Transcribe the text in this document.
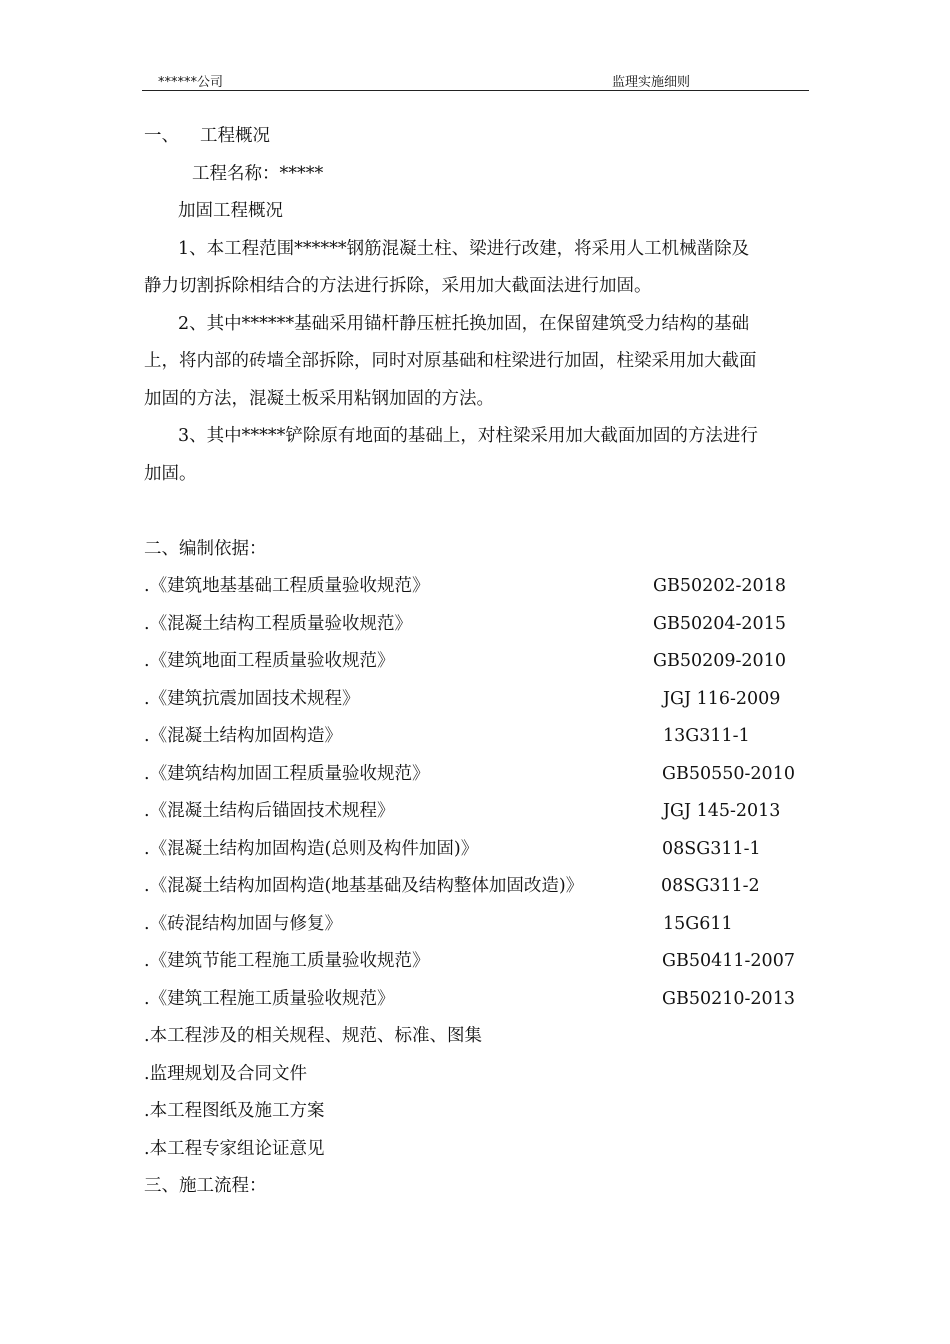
******公司	监理实施细则
一、 工程概况
工程名称：*****
加固工程概况
1、本工程范围******钢筋混凝土柱、梁进行改建，将采用人工机械凿除及
静力切割拆除相结合的方法进行拆除，采用加大截面法进行加固。
2、其中******基础采用锚杆静压桩托换加固，在保留建筑受力结构的基础
上，将内部的砖墙全部拆除，同时对原基础和柱梁进行加固，柱梁采用加大截面
加固的方法，混凝土板采用粘钢加固的方法。
3、其中*****铲除原有地面的基础上，对柱梁采用加大截面加固的方法进行
加固。
二、编制依据：
.《建筑地基基础工程质量验收规范》	GB50202-2018
.《混凝土结构工程质量验收规范》	GB50204-2015
.《建筑地面工程质量验收规范》	GB50209-2010
.《建筑抗震加固技术规程》	JGJ 116-2009
.《混凝土结构加固构造》	13G311-1
.《建筑结构加固工程质量验收规范》	GB50550-2010
.《混凝土结构后锚固技术规程》	JGJ 145-2013
.《混凝土结构加固构造(总则及构件加固)》	08SG311-1
.《混凝土结构加固构造(地基基础及结构整体加固改造)》	08SG311-2
.《砖混结构加固与修复》	15G611
.《建筑节能工程施工质量验收规范》	GB50411-2007
.《建筑工程施工质量验收规范》	GB50210-2013
.本工程涉及的相关规程、规范、标准、图集
.监理规划及合同文件
.本工程图纸及施工方案
.本工程专家组论证意见
三、施工流程：
